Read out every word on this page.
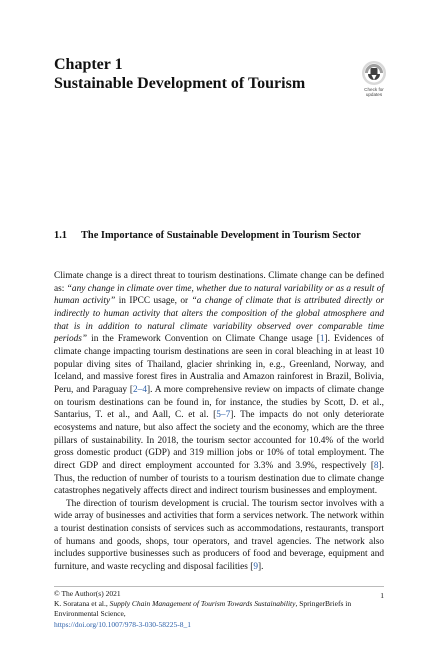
Chapter 1
Sustainable Development of Tourism	Check for
updates
1.1 The Importance of Sustainable Development in Tourism Sector

Climate change is a direct threat to tourism destinations. Climate change can be defined as: “any change in climate over time, whether due to natural variability or as a result of human activity” in IPCC usage, or “a change of climate that is attributed directly or indirectly to human activity that alters the composition of the global atmosphere and that is in addition to natural climate variability observed over comparable time periods” in the Framework Convention on Climate Change usage [1]. Evidences of climate change impacting tourism destinations are seen in coral bleaching in at least 10 popular diving sites of Thailand, glacier shrinking in, e.g., Greenland, Norway, and Iceland, and massive forest fires in Australia and Amazon rainforest in Brazil, Bolivia, Peru, and Paraguay [2–4]. A more comprehensive review on impacts of climate change on tourism destinations can be found in, for instance, the studies by Scott, D. et al., Santarius, T. et al., and Aall, C. et al. [5–7]. The impacts do not only deteriorate ecosystems and nature, but also affect the society and the economy, which are the three pillars of sustainability. In 2018, the tourism sector accounted for 10.4% of the world gross domestic product (GDP) and 319 million jobs or 10% of total employment. The direct GDP and direct employment accounted for 3.3% and 3.9%, respectively [8]. Thus, the reduction of number of tourists to a tourism destination due to climate change catastrophes negatively affects direct and indirect tourism businesses and employment.

The direction of tourism development is crucial. The tourism sector involves with a wide array of businesses and activities that form a services network. The network within a tourist destination consists of services such as accommodations, restaurants, transport of humans and goods, shops, tour operators, and travel agencies. The network also includes supportive businesses such as producers of food and beverage, equipment and furniture, and waste recycling and disposal facilities [9].

© The Author(s) 2021
K. Soratana et al., Supply Chain Management of Tourism Towards Sustainability, SpringerBriefs in Environmental Science,
https://doi.org/10.1007/978-3-030-58225-8_1
1
